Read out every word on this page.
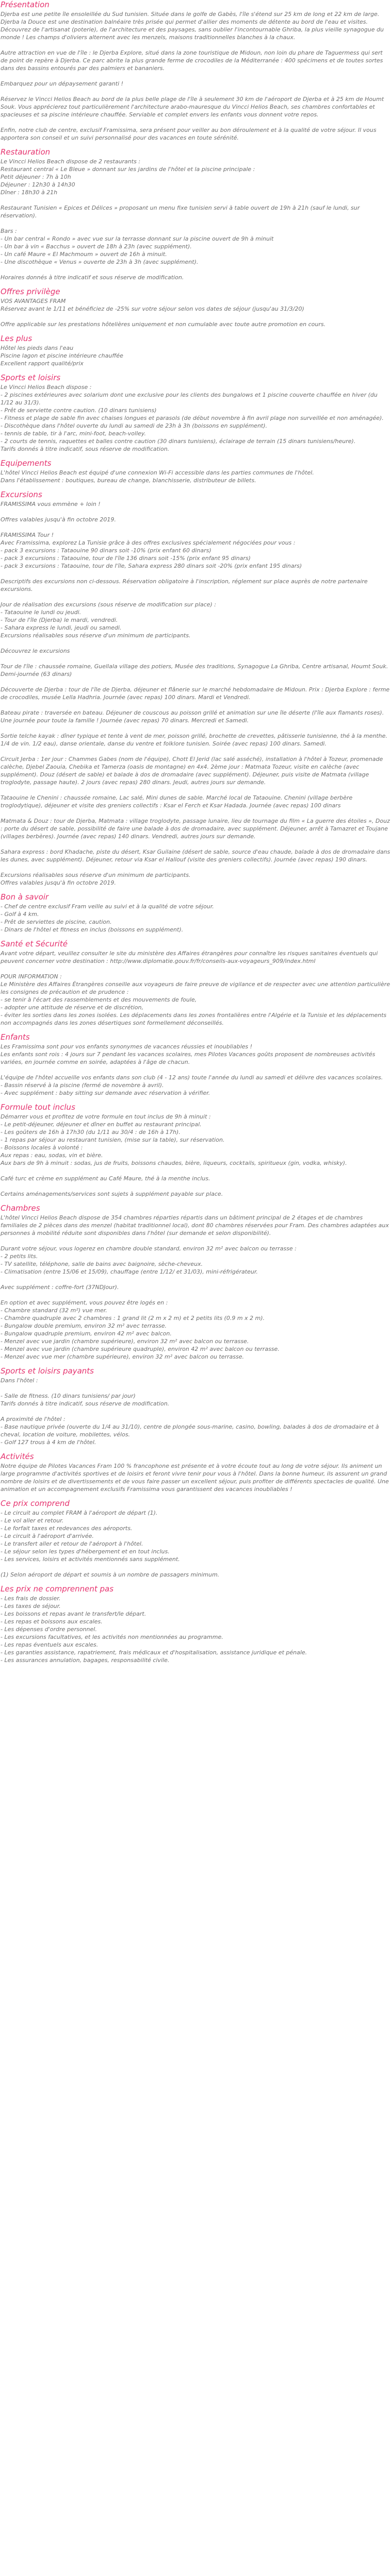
Présentation

Djerba est une petite île ensoleillée du Sud tunisien. Située dans le golfe de Gabès, l'île s'étend sur 25 km de long et 22 km de large. Djerba la Douce est une destination balnéaire très prisée qui permet d'allier des moments de détente au bord de l'eau et visites.
Découvrez de l'artisanat (poterie), de l'architecture et des paysages, sans oublier l'incontournable Ghriba, la plus vieille synagogue du monde ! Les champs d'oliviers alternent avec les menzels, maisons traditionnelles blanches à la chaux.

Autre attraction en vue de l'île : le Djerba Explore, situé dans la zone touristique de Midoun, non loin du phare de Taguermess qui sert de point de repère à Djerba. Ce parc abrite la plus grande ferme de crocodiles de la Méditerranée : 400 spécimens et de toutes sortes dans des bassins entourés par des palmiers et bananiers.

Embarquez pour un dépaysement garanti !

Réservez le Vincci Helios Beach au bord de la plus belle plage de l'île à seulement 30 km de l'aéroport de Djerba et à 25 km de Houmt Souk. Vous apprécierez tout particulièrement l'architecture arabo-mauresque du Vincci Helios Beach, ses chambres confortables et spacieuses et sa piscine intérieure chauffée. Serviable et complet envers les enfants vous donnent votre repos.

Enfin, notre club de centre, exclusif Framissima, sera présent pour veiller au bon déroulement et à la qualité de votre séjour. Il vous apportera son conseil et un suivi personnalisé pour des vacances en toute sérénité.

Restauration

Le Vincci Helios Beach dispose de 2 restaurants :
Restaurant central « Le Bleue » donnant sur les jardins de l'hôtel et la piscine principale :
Petit déjeuner : 7h à 10h
Déjeuner : 12h30 à 14h30
Dîner : 18h30 à 21h

Restaurant Tunisien « Epices et Délices » proposant un menu fixe tunisien servi à table ouvert de 19h à 21h (sauf le lundi, sur réservation).

Bars :
- Un bar central « Rondo » avec vue sur la terrasse donnant sur la piscine ouvert de 9h à minuit
- Un bar à vin « Bacchus » ouvert de 18h à 23h (avec supplément).
- Un café Maure « El Machmoum » ouvert de 16h à minuit.
- Une discothèque « Venus » ouverte de 23h à 3h (avec supplément).

Horaires donnés à titre indicatif et sous réserve de modification.

Offres privilège

VOS AVANTAGES FRAM
Réservez avant le 1/11 et bénéficiez de -25% sur votre séjour selon vos dates de séjour (jusqu'au 31/3/20)

Offre applicable sur les prestations hôtelières uniquement et non cumulable avec toute autre promotion en cours.

Les plus

Hôtel les pieds dans l'eau
Piscine lagon et piscine intérieure chauffée
Excellent rapport qualité/prix

Sports et loisirs

Le Vincci Helios Beach dispose :
- 2 piscines extérieures avec solarium dont une exclusive pour les clients des bungalows et 1 piscine couverte chauffée en hiver (du 1/12 au 31/3).
- Prêt de serviette contre caution. (10 dinars tunisiens)
- Fitness et plage de sable fin avec chaises longues et parasols (de début novembre à fin avril plage non surveillée et non aménagée).
- Discothèque dans l'hôtel ouverte du lundi au samedi de 23h à 3h (boissons en supplément).
- tennis de table, tir à l'arc, mini-foot, beach-volley.
- 2 courts de tennis, raquettes et balles contre caution (30 dinars tunisiens), éclairage de terrain (15 dinars tunisiens/heure).
Tarifs donnés à titre indicatif, sous réserve de modification.

Equipements

L'hôtel Vincci Helios Beach est équipé d'une connexion Wi-Fi accessible dans les parties communes de l'hôtel.
Dans l'établissement : boutiques, bureau de change, blanchisserie, distributeur de billets.

Excursions

FRAMISSIMA vous emmène + loin !

Offres valables jusqu'à fin octobre 2019.

FRAMISSIMA Tour !
Avec Framissima, explorez La Tunisie grâce à des offres exclusives spécialement négociées pour vous :
- pack 3 excursions : Tataouine 90 dinars soit -10% (prix enfant 60 dinars)
- pack 3 excursions : Tataouine, tour de l'île 136 dinars soit -15% (prix enfant 95 dinars)
- pack 3 excursions : Tataouine, tour de l'île, Sahara express 280 dinars soit -20% (prix enfant 195 dinars)

Descriptifs des excursions non ci-dessous. Réservation obligatoire à l'inscription, réglement sur place auprès de notre partenaire excursions.

Jour de réalisation des excursions (sous réserve de modification sur place) :
- Tataouine le lundi ou jeudi.
- Tour de l'île (Djerba) le mardi, vendredi.
- Sahara express le lundi, jeudi ou samedi.
Excursions réalisables sous réserve d'un minimum de participants.

Découvrez le excursions

Tour de l'île : chaussée romaine, Guellala village des potiers, Musée des traditions, Synagogue La Ghriba, Centre artisanal, Houmt Souk. Demi-journée (63 dinars)

Découverte de Djerba : tour de l'île de Djerba, déjeuner et flânerie sur le marché hebdomadaire de Midoun. Prix : Djerba Explore : ferme de crocodiles, musée Lella Hadhria. Journée (avec repas) 100 dinars. Mardi et Vendredi.

Bateau pirate : traversée en bateau. Déjeuner de couscous au poisson grillé et animation sur une île déserte (l'île aux flamants roses). Une journée pour toute la famille ! Journée (avec repas) 70 dinars. Mercredi et Samedi.

Sortie telche kayak : dîner typique et tente à vent de mer, poisson grillé, brochette de crevettes, pâtisserie tunisienne, thé à la menthe. 1/4 de vin. 1/2 eau), danse orientale, danse du ventre et folklore tunisien. Soirée (avec repas) 100 dinars. Samedi.

Circuit Jerba : 1er jour : Chammes Gabes (nom de l'équipe), Chott El Jerid (lac salé asséché), installation à l'hôtel à Tozeur, promenade calèche, Djebel Zaouia, Chebika et Tamerza (oasis de montagne) en 4x4. 2ème jour : Matmata Tozeur, visite en calèche (avec supplément). Douz (désert de sable) et balade à dos de dromadaire (avec supplément). Déjeuner, puis visite de Matmata (village troglodyte, passage haute). 2 jours (avec repas) 280 dinars. Jeudi, autres jours sur demande.

Tataouine le Chenini : chaussée romaine, Lac salé, Mini dunes de sable. Marché local de Tataouine. Chenini (village berbère troglodytique), déjeuner et visite des greniers collectifs : Ksar el Ferch et Ksar Hadada. Journée (avec repas) 100 dinars

Matmata & Douz : tour de Djerba, Matmata : village troglodyte, passage lunaire, lieu de tournage du film « La guerre des étoiles », Douz : porte du désert de sable, possibilité de faire une balade à dos de dromadaire, avec supplément. Déjeuner, arrêt à Tamazret et Toujane (villages berbères). Journée (avec repas) 140 dinars. Vendredi, autres jours sur demande.

Sahara express : bord Khadache, piste du désert, Ksar Guilaine (désert de sable, source d'eau chaude, balade à dos de dromadaire dans les dunes, avec supplément). Déjeuner, retour via Ksar el Hallouf (visite des greniers collectifs). Journée (avec repas) 190 dinars.

Excursions réalisables sous réserve d'un minimum de participants.
Offres valables jusqu'à fin octobre 2019.

Bon à savoir

- Chef de centre exclusif Fram veille au suivi et à la qualité de votre séjour.
- Golf à 4 km.
- Prêt de serviettes de piscine, caution.
- Dinars de l'hôtel et fitness en inclus (boissons en supplément).

Santé et Sécurité

Avant votre départ, veuillez consulter le site du ministère des Affaires étrangères pour connaître les risques sanitaires éventuels qui peuvent concerner votre destination : http://www.diplomatie.gouv.fr/fr/conseils-aux-voyageurs_909/index.html

POUR INFORMATION :
Le Ministère des Affaires Étrangères conseille aux voyageurs de faire preuve de vigilance et de respecter avec une attention particulière les consignes de précaution et de prudence :
- se tenir à l'écart des rassemblements et des mouvements de foule,
- adopter une attitude de réserve et de discrétion,
- éviter les sorties dans les zones isolées. Les déplacements dans les zones frontalières entre l'Algérie et la Tunisie et les déplacements non accompagnés dans les zones désertiques sont formellement déconseillés.

Enfants

Les Framissima sont pour vos enfants synonymes de vacances réussies et inoubliables !
Les enfants sont rois : 4 jours sur 7 pendant les vacances scolaires, mes Pilotes Vacances goûts proposent de nombreuses activités variées, en journée comme en soirée, adaptées à l'âge de chacun.

L'équipe de l'hôtel accueille vos enfants dans son club (4 - 12 ans) toute l'année du lundi au samedi et délivre des vacances scolaires.
- Bassin réservé à la piscine (fermé de novembre à avril).
- Avec supplément : baby sitting sur demande avec réservation à vérifier.

Formule tout inclus

Démarrer vous et profitez de votre formule en tout inclus de 9h à minuit :
- Le petit-déjeuner, déjeuner et dîner en buffet au restaurant principal.
- Les goûters de 16h à 17h30 (du 1/11 au 30/4 : de 16h à 17h).
- 1 repas par séjour au restaurant tunisien, (mise sur la table), sur réservation.
- Boissons locales à volonté :
Aux repas : eau, sodas, vin et bière.
Aux bars de 9h à minuit : sodas, jus de fruits, boissons chaudes, bière, liqueurs, cocktails, spiritueux (gin, vodka, whisky).

Café turc et crème en supplément au Café Maure, thé à la menthe inclus.

Certains aménagements/services sont sujets à supplément payable sur place.

Chambres

L'hôtel Vincci Helios Beach dispose de 354 chambres réparties répartis dans un bâtiment principal de 2 étages et de chambres familiales de 2 pièces dans des menzel (habitat traditionnel local), dont 80 chambres réservées pour Fram. Des chambres adaptées aux personnes à mobilité réduite sont disponibles dans l'hôtel (sur demande et selon disponibilité).

Durant votre séjour, vous logerez en chambre double standard, environ 32 m² avec balcon ou terrasse :
- 2 petits lits.
- TV satellite, téléphone, salle de bains avec baignoire, sèche-cheveux.
- Climatisation (entre 15/06 et 15/09), chauffage (entre 1/12/ et 31/03), mini-réfrigérateur.

Avec supplément : coffre-fort (37NDJour).

En option et avec supplément, vous pouvez être logés en :
- Chambre standard (32 m²) vue mer.
- Chambre quadruple avec 2 chambres : 1 grand lit (2 m x 2 m) et 2 petits lits (0.9 m x 2 m).
- Bungalow double premium, environ 32 m² avec terrasse.
- Bungalow quadruple premium, environ 42 m² avec balcon.
- Menzel avec vue jardin (chambre supérieure), environ 32 m² avec balcon ou terrasse.
- Menzel avec vue jardin (chambre supérieure quadruple), environ 42 m² avec balcon ou terrasse.
- Menzel avec vue mer (chambre supérieure), environ 32 m² avec balcon ou terrasse.

Sports et loisirs payants

Dans l'hôtel :

- Salle de fitness. (10 dinars tunisiens/ par jour)
Tarifs donnés à titre indicatif, sous réserve de modification.

A proximité de l'hôtel :
- Base nautique privée (ouverte du 1/4 au 31/10), centre de plongée sous-marine, casino, bowling, balades à dos de dromadaire et à cheval, location de voiture, mobilettes, vélos.
- Golf 127 trous à 4 km de l'hôtel.

Activités

Notre équipe de Pilotes Vacances Fram 100 % francophone est présente et à votre écoute tout au long de votre séjour. Ils animent un large programme d'activités sportives et de loisirs et feront vivre tenir pour vous à l'hôtel. Dans la bonne humeur, ils assurent un grand nombre de loisirs et de divertissements et de vous faire passer un excellent séjour, puis profiter de différents spectacles de qualité. Une animation et un accompagnement exclusifs Framissima vous garantissent des vacances inoubliables !

Ce prix comprend

- Le circuit au complet FRAM à l'aéroport de départ (1).
- Le vol aller et retour.
- Le forfait taxes et redevances des aéroports.
- Le circuit à l'aéroport d'arrivée.
- Le transfert aller et retour de l'aéroport à l'hôtel.
- Le séjour selon les types d'hébergement et en tout inclus.
- Les services, loisirs et activités mentionnés sans supplément.

(1) Selon aéroport de départ et soumis à un nombre de passagers minimum.

Les prix ne comprennent pas

- Les frais de dossier.
- Les taxes de séjour.
- Les boissons et repas avant le transfert/le départ.
- Les repas et boissons aux escales.
- Les dépenses d'ordre personnel.
- Les excursions facultatives, et les activités non mentionnées au programme.
- Les repas éventuels aux escales.
- Les garanties assistance, rapatriement, frais médicaux et d'hospitalisation, assistance juridique et pénale.
- Les assurances annulation, bagages, responsabilité civile.
